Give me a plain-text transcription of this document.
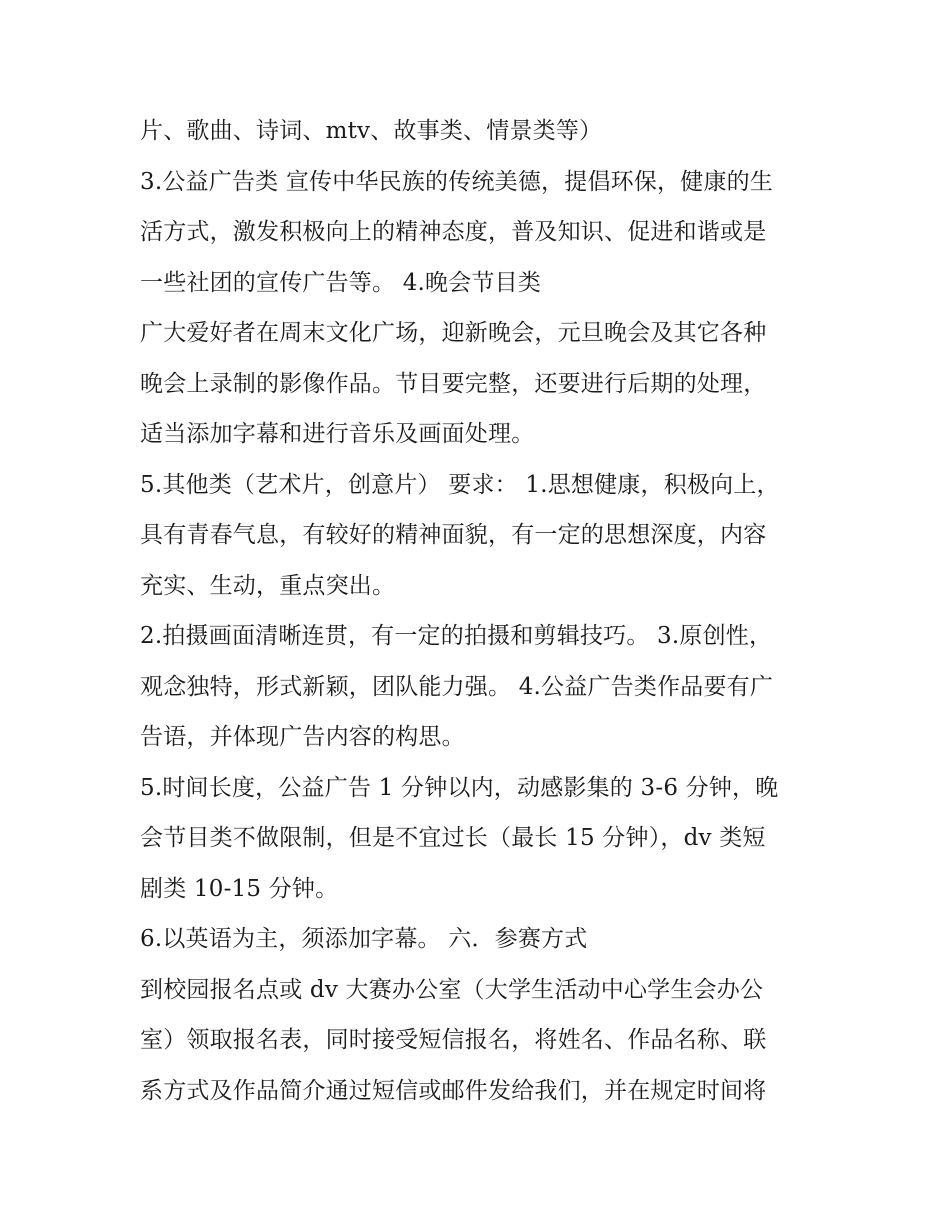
片、歌曲、诗词、mtv、故事类、情景类等）
3.公益广告类 宣传中华民族的传统美德，提倡环保，健康的生
活方式，激发积极向上的精神态度，普及知识、促进和谐或是
一些社团的宣传广告等。 4.晚会节目类
广大爱好者在周末文化广场，迎新晚会，元旦晚会及其它各种
晚会上录制的影像作品。节目要完整，还要进行后期的处理，
适当添加字幕和进行音乐及画面处理。
5.其他类（艺术片，创意片） 要求： 1.思想健康，积极向上，
具有青春气息，有较好的精神面貌，有一定的思想深度，内容
充实、生动，重点突出。
2.拍摄画面清晰连贯，有一定的拍摄和剪辑技巧。 3.原创性，
观念独特，形式新颖，团队能力强。 4.公益广告类作品要有广
告语，并体现广告内容的构思。
5.时间长度，公益广告 1 分钟以内，动感影集的 3-6 分钟，晚
会节目类不做限制，但是不宜过长（最长 15 分钟），dv 类短
剧类 10-15 分钟。
6.以英语为主，须添加字幕。 六．参赛方式
到校园报名点或 dv 大赛办公室（大学生活动中心学生会办公
室）领取报名表，同时接受短信报名，将姓名、作品名称、联
系方式及作品简介通过短信或邮件发给我们，并在规定时间将
